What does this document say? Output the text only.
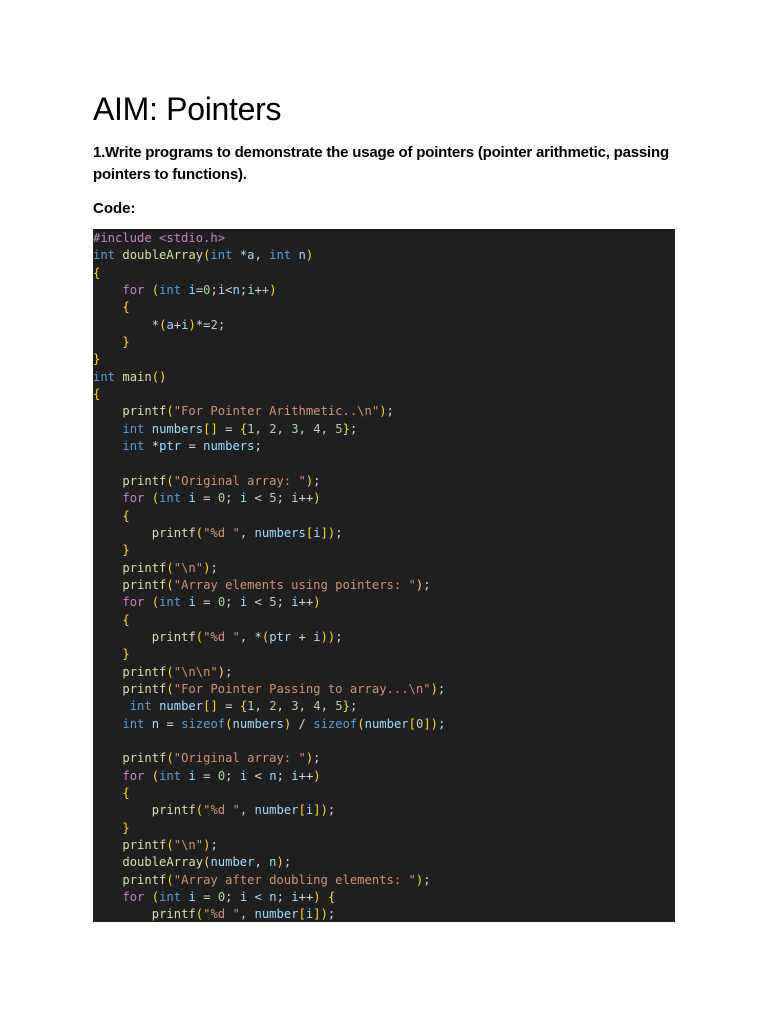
AIM: Pointers

1.Write programs to demonstrate the usage of pointers (pointer arithmetic, passing pointers to functions).

Code:

#include <stdio.h>
int doubleArray(int *a, int n)
{
for (int i=0;i<n;i++)
{
*(a+i)*=2;
}
}
int main()
{
printf("For Pointer Arithmetic..\n");
int numbers[] = {1, 2, 3, 4, 5};
int *ptr = numbers;

printf("Original array: ");
for (int i = 0; i < 5; i++)
{
printf("%d ", numbers[i]);
}
printf("\n");
printf("Array elements using pointers: ");
for (int i = 0; i < 5; i++)
{
printf("%d ", *(ptr + i));
}
printf("\n\n");
printf("For Pointer Passing to array...\n");
int number[] = {1, 2, 3, 4, 5};
int n = sizeof(numbers) / sizeof(number[0]);

printf("Original array: ");
for (int i = 0; i < n; i++)
{
printf("%d ", number[i]);
}
printf("\n");
doubleArray(number, n);
printf("Array after doubling elements: ");
for (int i = 0; i < n; i++) {
printf("%d ", number[i]);
